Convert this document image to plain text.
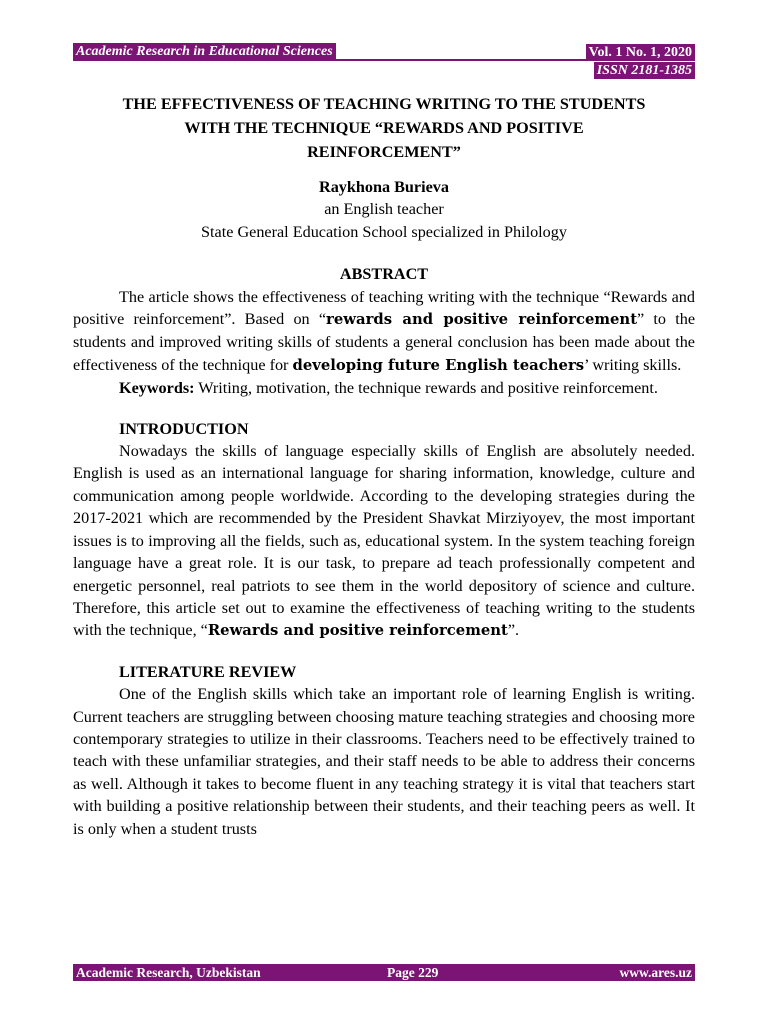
Academic Research in Educational Sciences	Vol. 1 No. 1, 2020
ISSN 2181-1385
THE EFFECTIVENESS OF TEACHING WRITING TO THE STUDENTS
WITH THE TECHNIQUE “REWARDS AND POSITIVE
REINFORCEMENT”
Raykhona Burieva
an English teacher
State General Education School specialized in Philology
ABSTRACT

The article shows the effectiveness of teaching writing with the technique “Rewards and positive reinforcement”. Based on “rewards and positive reinforcement” to the students and improved writing skills of students a general conclusion has been made about the effectiveness of the technique for developing future English teachers’ writing skills.

Keywords: Writing, motivation, the technique rewards and positive reinforcement.

INTRODUCTION

Nowadays the skills of language especially skills of English are absolutely needed. English is used as an international language for sharing information, knowledge, culture and communication among people worldwide. According to the developing strategies during the 2017-2021 which are recommended by the President Shavkat Mirziyoyev, the most important issues is to improving all the fields, such as, educational system. In the system teaching foreign language have a great role. It is our task, to prepare ad teach professionally competent and energetic personnel, real patriots to see them in the world depository of science and culture. Therefore, this article set out to examine the effectiveness of teaching writing to the students with the technique, “Rewards and positive reinforcement”.

LITERATURE REVIEW

One of the English skills which take an important role of learning English is writing. Current teachers are struggling between choosing mature teaching strategies and choosing more contemporary strategies to utilize in their classrooms. Teachers need to be effectively trained to teach with these unfamiliar strategies, and their staff needs to be able to address their concerns as well. Although it takes to become fluent in any teaching strategy it is vital that teachers start with building a positive relationship between their students, and their teaching peers as well. It is only when a student trusts

Academic Research, Uzbekistan	Page 229	www.ares.uz
